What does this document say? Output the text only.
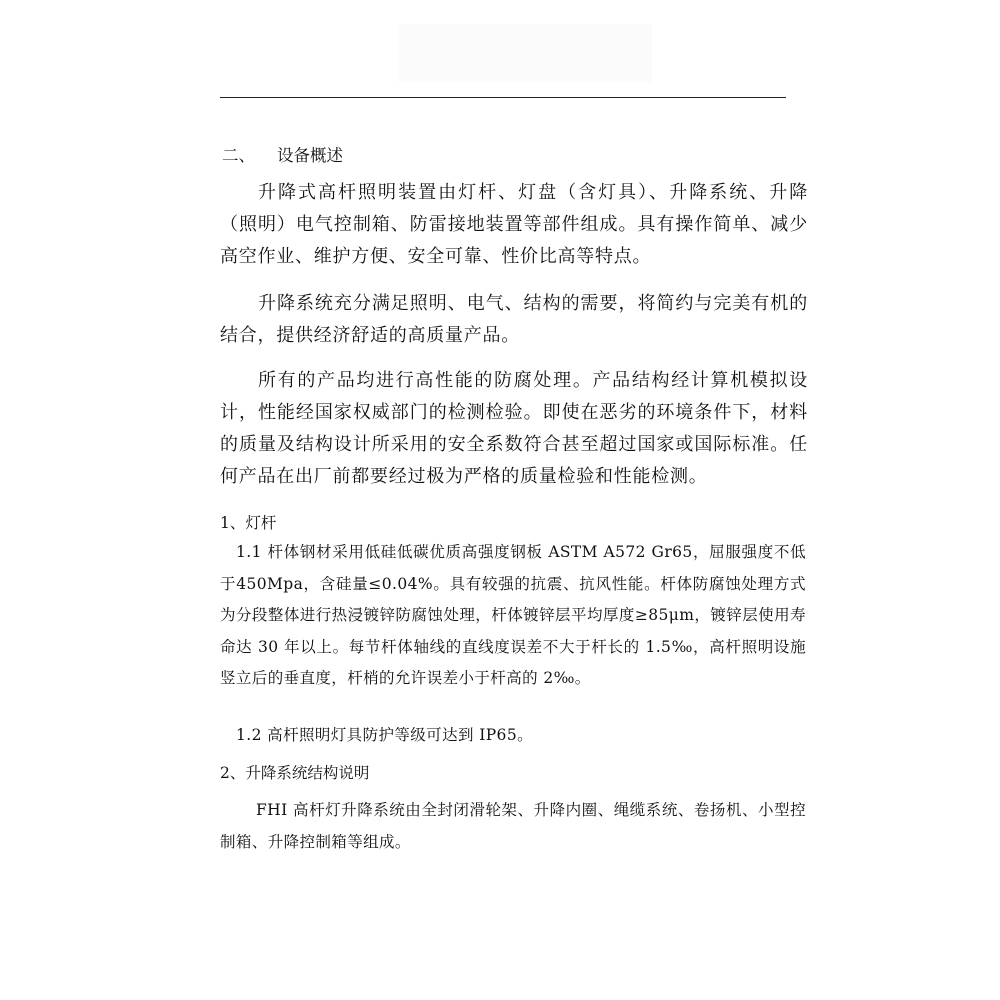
二、 设备概述

升降式高杆照明装置由灯杆、灯盘（含灯具）、升降系统、升降（照明）电气控制箱、防雷接地装置等部件组成。具有操作简单、减少高空作业、维护方便、安全可靠、性价比高等特点。

升降系统充分满足照明、电气、结构的需要，将简约与完美有机的结合，提供经济舒适的高质量产品。

所有的产品均进行高性能的防腐处理。产品结构经计算机模拟设计，性能经国家权威部门的检测检验。即使在恶劣的环境条件下，材料的质量及结构设计所采用的安全系数符合甚至超过国家或国际标准。任何产品在出厂前都要经过极为严格的质量检验和性能检测。

1、灯杆

1.1 杆体钢材采用低硅低碳优质高强度钢板 ASTM A572 Gr65，屈服强度不低于450Mpa，含硅量≤0.04%。具有较强的抗震、抗风性能。杆体防腐蚀处理方式为分段整体进行热浸镀锌防腐蚀处理，杆体镀锌层平均厚度≥85μm，镀锌层使用寿命达 30 年以上。每节杆体轴线的直线度误差不大于杆长的 1.5‰，高杆照明设施竖立后的垂直度，杆梢的允许误差小于杆高的 2‰。

1.2 高杆照明灯具防护等级可达到 IP65。

2、升降系统结构说明

FHI 高杆灯升降系统由全封闭滑轮架、升降内圈、绳缆系统、卷扬机、小型控制箱、升降控制箱等组成。
